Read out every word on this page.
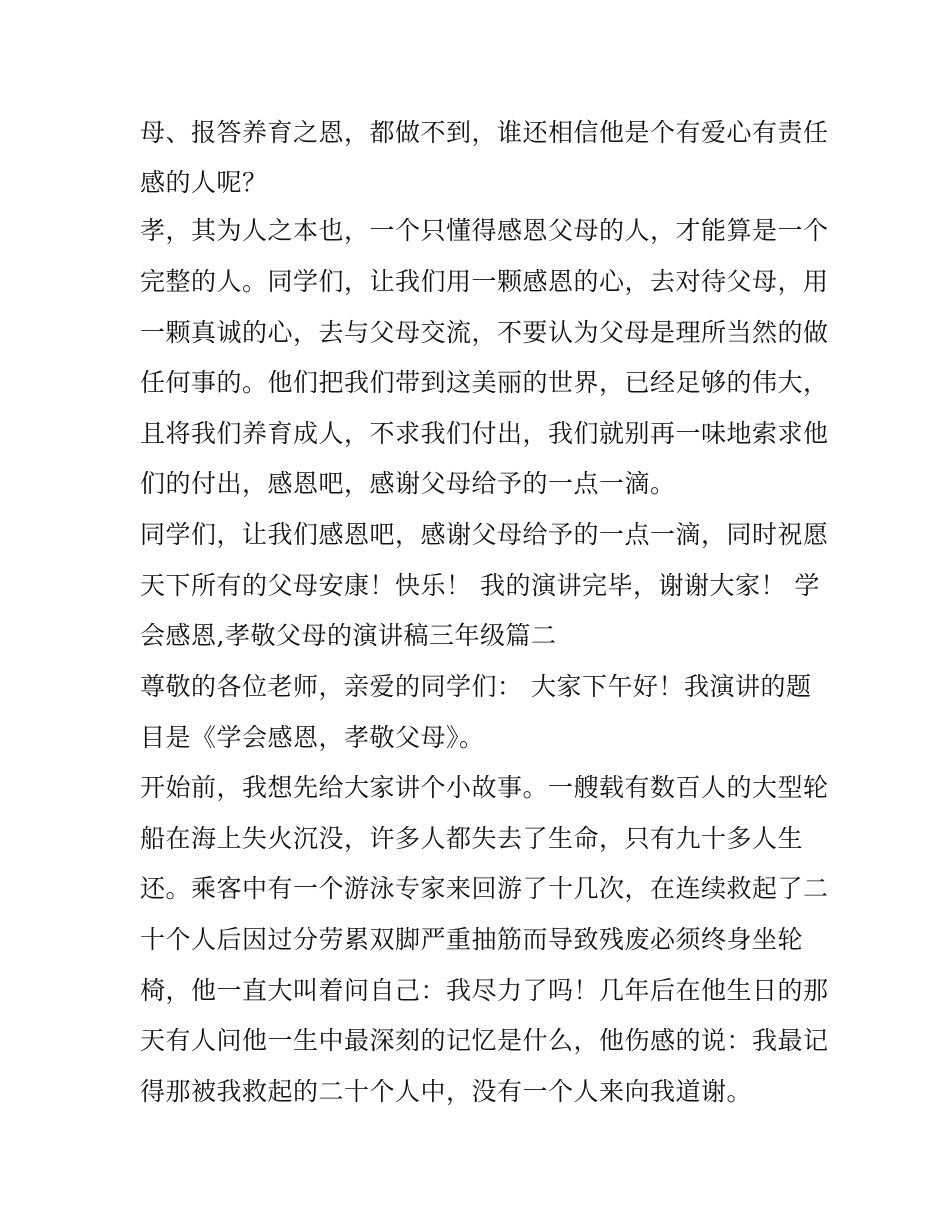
母、报答养育之恩，都做不到，谁还相信他是个有爱心有责任
感的人呢？
孝，其为人之本也，一个只懂得感恩父母的人，才能算是一个
完整的人。同学们，让我们用一颗感恩的心，去对待父母，用
一颗真诚的心，去与父母交流，不要认为父母是理所当然的做
任何事的。他们把我们带到这美丽的世界，已经足够的伟大，
且将我们养育成人，不求我们付出，我们就别再一味地索求他
们的付出，感恩吧，感谢父母给予的一点一滴。
同学们，让我们感恩吧，感谢父母给予的一点一滴，同时祝愿
天下所有的父母安康！快乐！ 我的演讲完毕，谢谢大家！ 学
会感恩,孝敬父母的演讲稿三年级篇二
尊敬的各位老师，亲爱的同学们： 大家下午好！我演讲的题
目是《学会感恩，孝敬父母》。
开始前，我想先给大家讲个小故事。一艘载有数百人的大型轮
船在海上失火沉没，许多人都失去了生命，只有九十多人生
还。乘客中有一个游泳专家来回游了十几次，在连续救起了二
十个人后因过分劳累双脚严重抽筋而导致残废必须终身坐轮
椅，他一直大叫着问自己：我尽力了吗！几年后在他生日的那
天有人问他一生中最深刻的记忆是什么，他伤感的说：我最记
得那被我救起的二十个人中，没有一个人来向我道谢。
